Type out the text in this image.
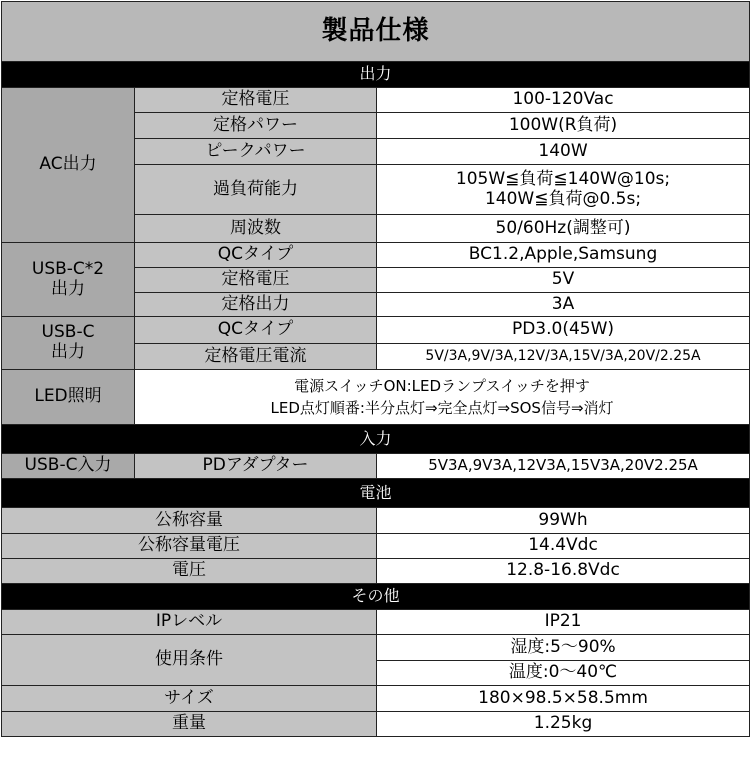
製品仕様		
出力		
AC出力	定格電圧	100-120Vac
	定格パワー	100W(R負荷)
	ピークパワー	140W
	過負荷能力	105W≦負荷≦140W@10s;
140W≦負荷@0.5s;

	周波数	50/60Hz(調整可)

USB-C*2
出力	QCタイプ	BC1.2,Apple,Samsung
	定格電圧	5V
	定格出力	3A

USB-C
出力	QCタイプ	PD3.0(45W)
	定格電圧電流	5V/3A,9V/3A,12V/3A,15V/3A,20V/2.25A
LED照明	電源スイッチON:LEDランプスイッチを押す
LED点灯順番:半分点灯⇒完全点灯⇒SOS信号⇒消灯	

入力		
USB-C入力	PDアダプター	5V3A,9V3A,12V3A,15V3A,20V2.25A
電池		
公称容量		99Wh
公称容量電圧		14.4Vdc
電圧		12.8-16.8Vdc
その他		
IPレベル		IP21
使用条件		湿度:5〜90%
		温度:0〜40℃
サイズ		180×98.5×58.5mm
重量		1.25kg
